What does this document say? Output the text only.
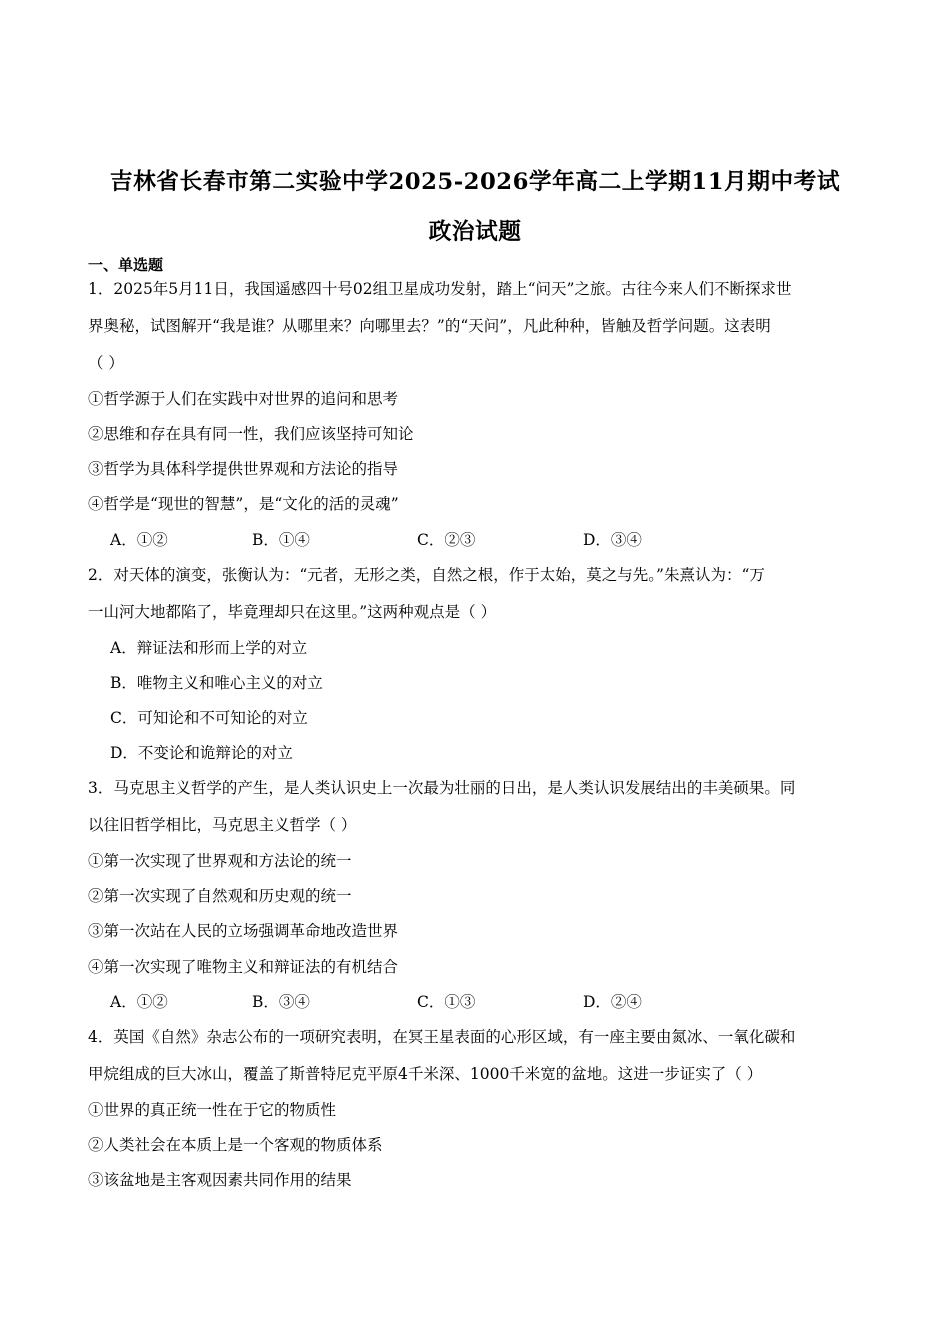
吉林省长春市第二实验中学2025-2026学年高二上学期11月期中考试
政治试题
一、单选题
1．2025年5月11日，我国遥感四十号02组卫星成功发射，踏上“问天”之旅。古往今来人们不断探求世
界奥秘，试图解开“我是谁？从哪里来？向哪里去？”的“天问”，凡此种种，皆触及哲学问题。这表明
（ ）
①哲学源于人们在实践中对世界的追问和思考
②思维和存在具有同一性，我们应该坚持可知论
③哲学为具体科学提供世界观和方法论的指导
④哲学是“现世的智慧”，是“文化的活的灵魂”
A．①②	B．①④	C．②③	D．③④
2．对天体的演变，张衡认为：“元者，无形之类，自然之根，作于太始，莫之与先。”朱熹认为：“万
一山河大地都陷了，毕竟理却只在这里。”这两种观点是（ ）
A．辩证法和形而上学的对立
B．唯物主义和唯心主义的对立
C．可知论和不可知论的对立
D．不变论和诡辩论的对立
3．马克思主义哲学的产生，是人类认识史上一次最为壮丽的日出，是人类认识发展结出的丰美硕果。同
以往旧哲学相比，马克思主义哲学（ ）
①第一次实现了世界观和方法论的统一
②第一次实现了自然观和历史观的统一
③第一次站在人民的立场强调革命地改造世界
④第一次实现了唯物主义和辩证法的有机结合
A．①②	B．③④	C．①③	D．②④
4．英国《自然》杂志公布的一项研究表明，在冥王星表面的心形区域，有一座主要由氮冰、一氧化碳和
甲烷组成的巨大冰山，覆盖了斯普特尼克平原4千米深、1000千米宽的盆地。这进一步证实了（ ）
①世界的真正统一性在于它的物质性
②人类社会在本质上是一个客观的物质体系
③该盆地是主客观因素共同作用的结果
